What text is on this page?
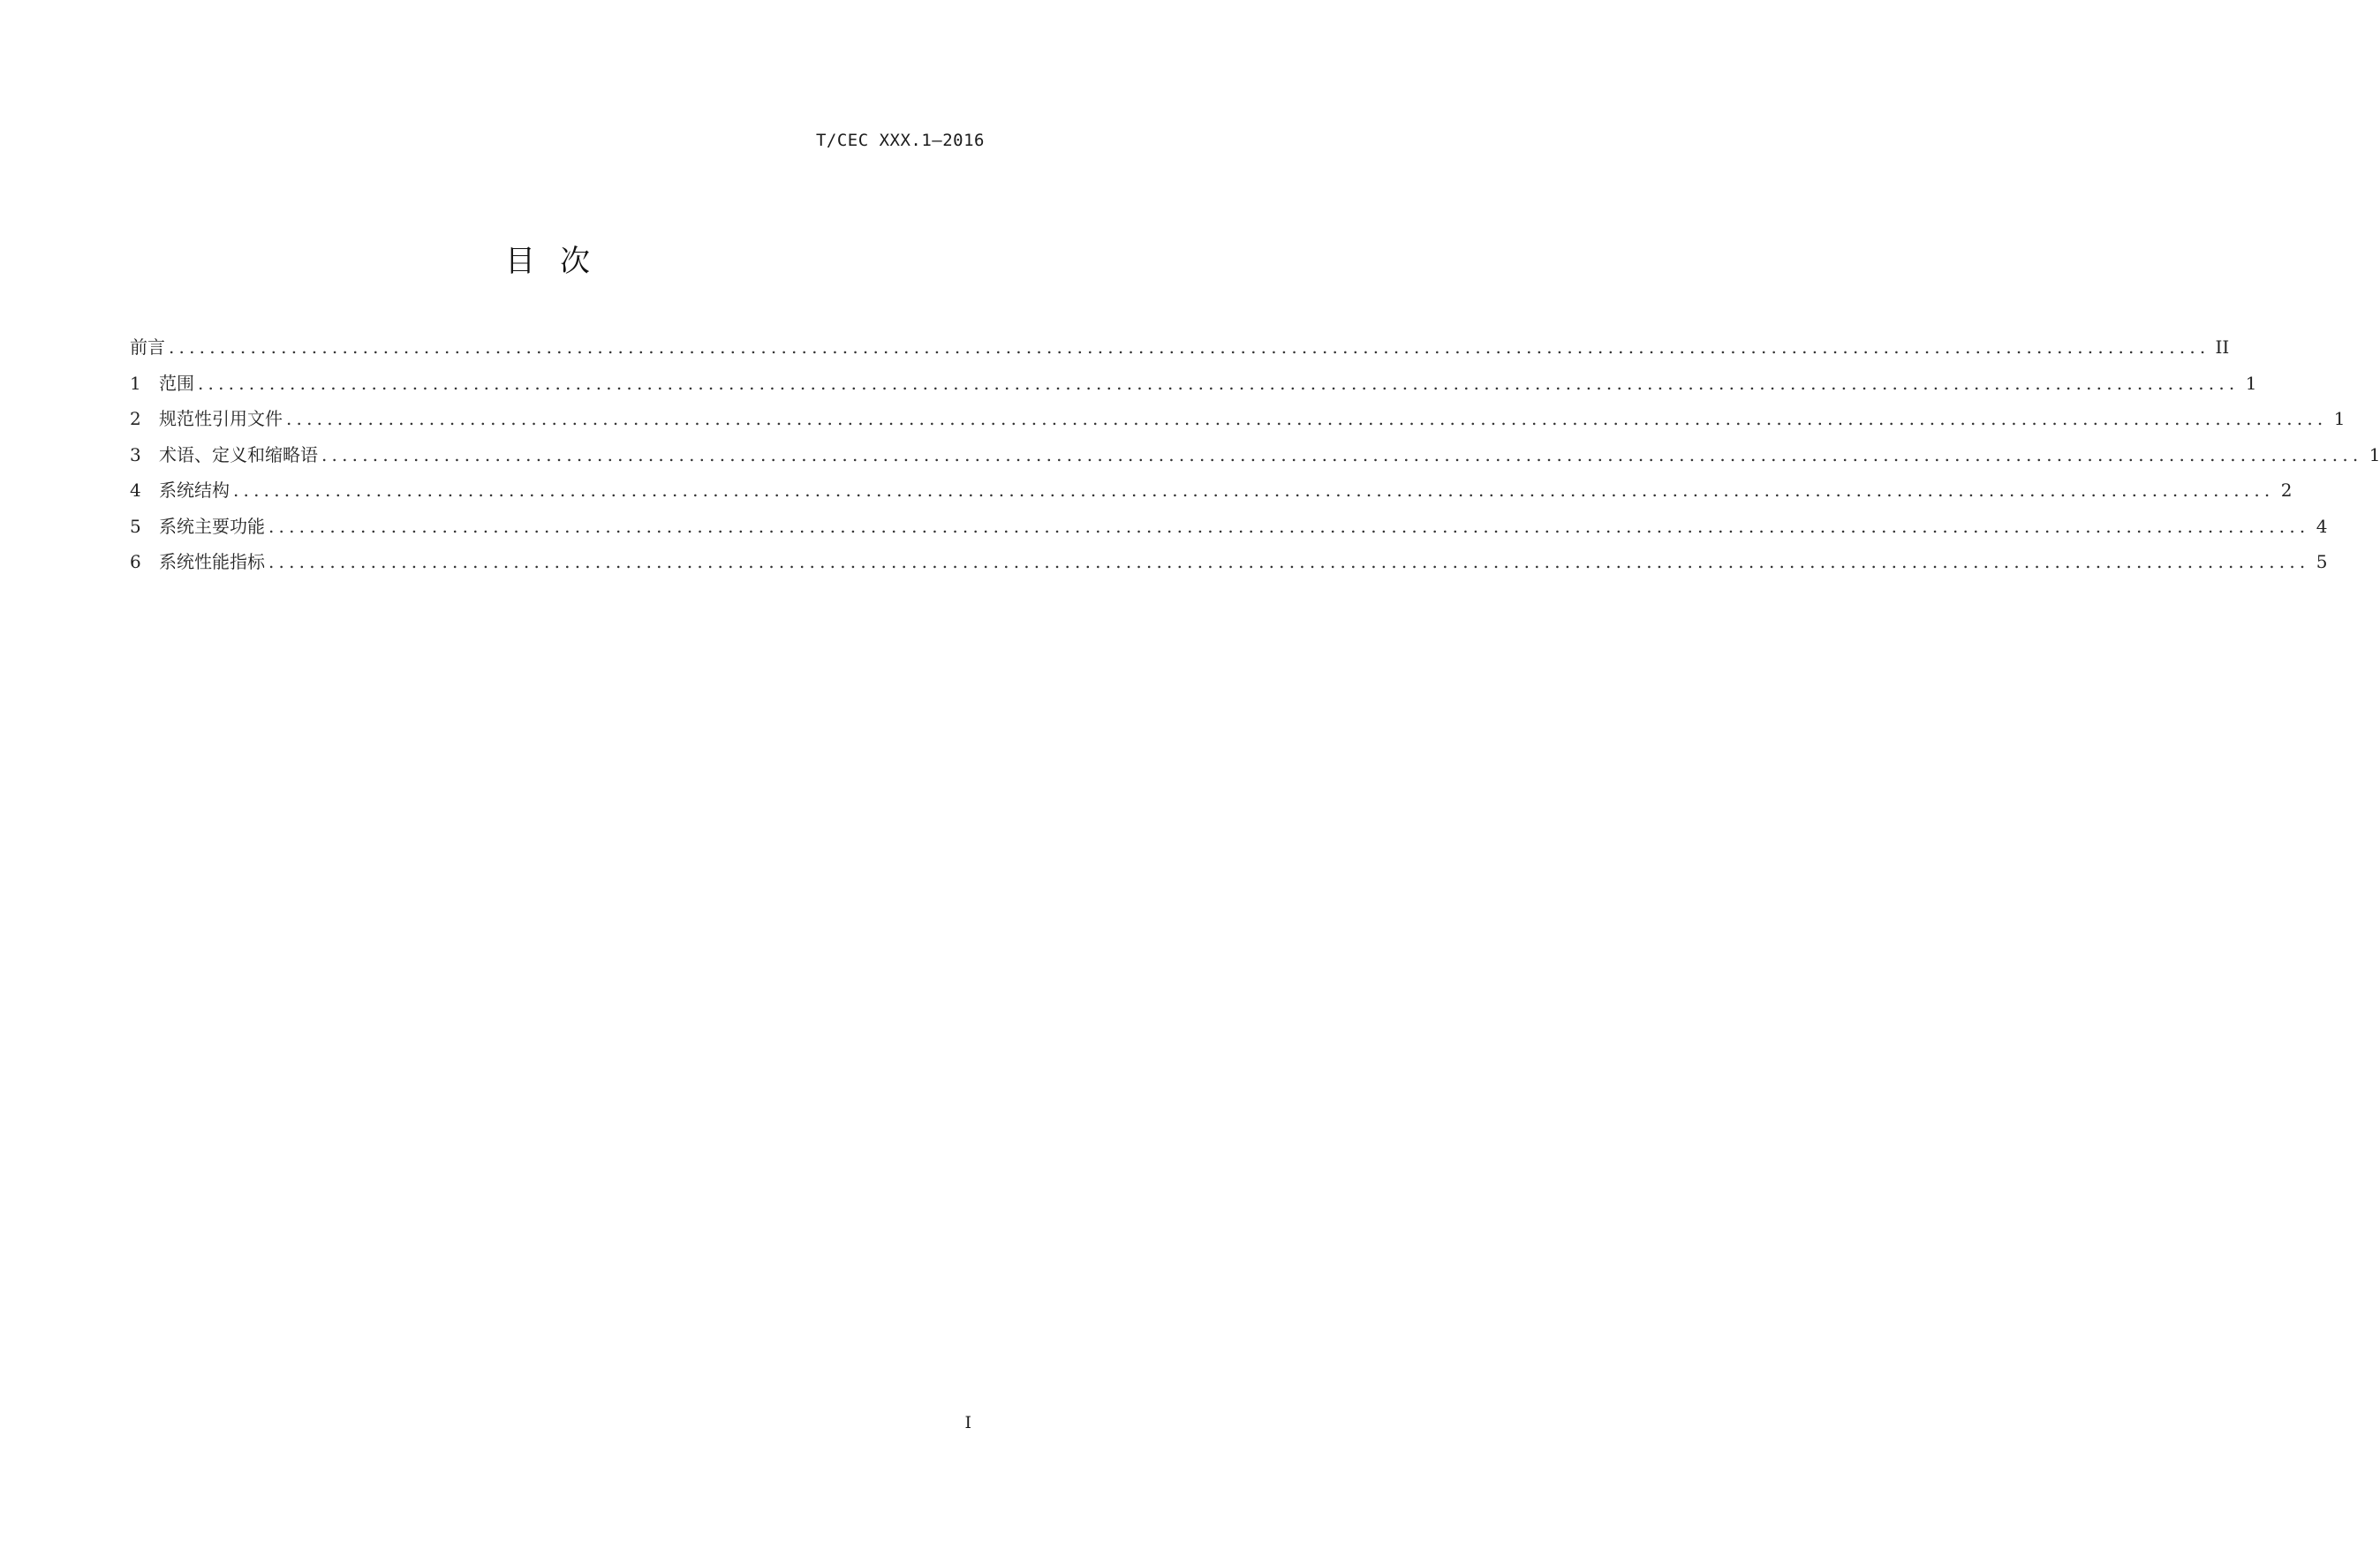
T/CEC XXX.1—2016
目次
前言 ........................................................................................................................................................................................................ II
1	范围 ........................................................................................................................................................................................................ 1
2	规范性引用文件 ........................................................................................................................................................................................................ 1
3	术语、定义和缩略语 ........................................................................................................................................................................................................ 1
4	系统结构 ........................................................................................................................................................................................................ 2
5	系统主要功能 ........................................................................................................................................................................................................ 4
6	系统性能指标 ........................................................................................................................................................................................................ 5
I
